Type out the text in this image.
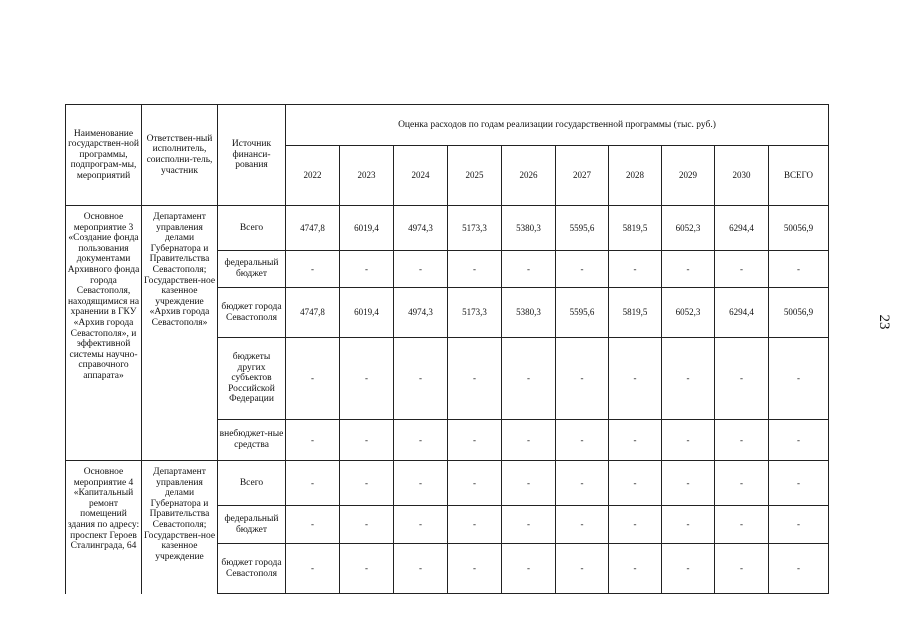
Наименование государствен-ной программы, подпрограм-мы, мероприятий	Ответствен-ный исполнитель, соисполни-тель, участник	Источник финанси-рования	Оценка расходов по годам реализации государственной программы (тыс. руб.)									
			2022	2023	2024	2025	2026	2027	2028	2029	2030	ВСЕГО
Основное мероприятие 3 «Создание фонда пользования документами Архивного фонда города Севастополя, находящимися на хранении в ГКУ «Архив города Севастополя», и эффективной системы научно-справочного аппарата»	Департамент управления делами Губернатора и Правительства Севастополя; Государствен-ное казенное учреждение «Архив города Севастополя»	Всего	4747,8	6019,4	4974,3	5173,3	5380,3	5595,6	5819,5	6052,3	6294,4	50056,9
		федеральный бюджет	-	-	-	-	-	-	-	-	-	-
		бюджет города Севастополя	4747,8	6019,4	4974,3	5173,3	5380,3	5595,6	5819,5	6052,3	6294,4	50056,9
		бюджеты других субъектов Российской Федерации	-	-	-	-	-	-	-	-	-	-
		внебюджет-ные средства	-	-	-	-	-	-	-	-	-	-
Основное мероприятие 4 «Капитальный ремонт помещений здания по адресу: проспект Героев Сталинграда, 64	Департамент управления делами Губернатора и Правительства Севастополя; Государствен-ное казенное учреждение	Всего	-	-	-	-	-	-	-	-	-	-
		федеральный бюджет	-	-	-	-	-	-	-	-	-	-
		бюджет города Севастополя	-	-	-	-	-	-	-	-	-	-
23
